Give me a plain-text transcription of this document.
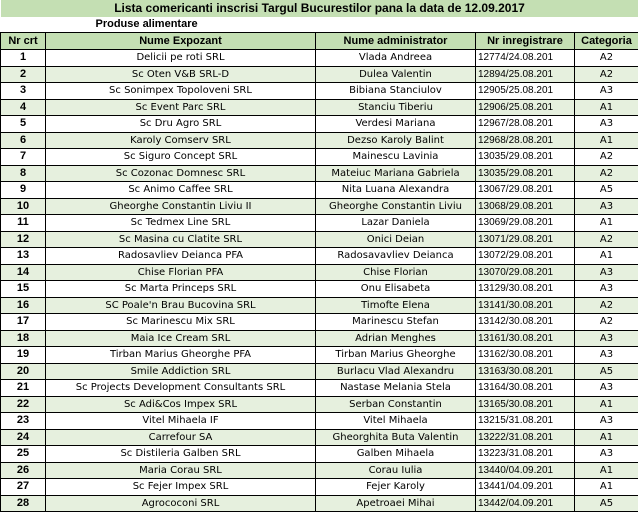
Lista comericanti inscrisi Targul Bucurestilor pana la data de 12.09.2017				
	Produse alimentare			
Nr crt	Nume Expozant	Nume administrator	Nr inregistrare	Categoria
1	Delicii pe roti SRL	Vlada Andreea	12774/24.08.201	A2
2	Sc Oten V&B SRL-D	Dulea Valentin	12894/25.08.201	A2
3	Sc Sonimpex Topoloveni SRL	Bibiana Stanciulov	12905/25.08.201	A3
4	Sc Event Parc SRL	Stanciu Tiberiu	12906/25.08.201	A1
5	Sc Dru Agro SRL	Verdesi Mariana	12967/28.08.201	A3
6	Karoly Comserv SRL	Dezso Karoly Balint	12968/28.08.201	A1
7	Sc Siguro Concept SRL	Mainescu Lavinia	13035/29.08.201	A2
8	Sc Cozonac Domnesc SRL	Mateiuc Mariana Gabriela	13035/29.08.201	A2
9	Sc Animo Caffee SRL	Nita Luana Alexandra	13067/29.08.201	A5
10	Gheorghe Constantin Liviu II	Gheorghe Constantin Liviu	13068/29.08.201	A3
11	Sc Tedmex Line SRL	Lazar Daniela	13069/29.08.201	A1
12	Sc Masina cu Clatite SRL	Onici Deian	13071/29.08.201	A2
13	Radosavliev Deianca PFA	Radosavavliev Deianca	13072/29.08.201	A1
14	Chise Florian PFA	Chise Florian	13070/29.08.201	A3
15	Sc Marta Princeps SRL	Onu Elisabeta	13129/30.08.201	A3
16	SC Poale'n Brau Bucovina SRL	Timofte Elena	13141/30.08.201	A2
17	Sc Marinescu Mix SRL	Marinescu Stefan	13142/30.08.201	A2
18	Maia Ice Cream SRL	Adrian Menghes	13161/30.08.201	A3
19	Tirban Marius Gheorghe PFA	Tirban Marius Gheorghe	13162/30.08.201	A3
20	Smile Addiction SRL	Burlacu Vlad Alexandru	13163/30.08.201	A5
21	Sc Projects Development Consultants SRL	Nastase Melania Stela	13164/30.08.201	A3
22	Sc Adi&Cos Impex SRL	Serban Constantin	13165/30.08.201	A1
23	Vitel Mihaela IF	Vitel Mihaela	13215/31.08.201	A3
24	Carrefour SA	Gheorghita Buta Valentin	13222/31.08.201	A1
25	Sc Distileria Galben SRL	Galben Mihaela	13223/31.08.201	A3
26	Maria Corau SRL	Corau Iulia	13440/04.09.201	A1
27	Sc Fejer Impex SRL	Fejer Karoly	13441/04.09.201	A1
28	Agrococoni SRL	Apetroaei Mihai	13442/04.09.201	A5
